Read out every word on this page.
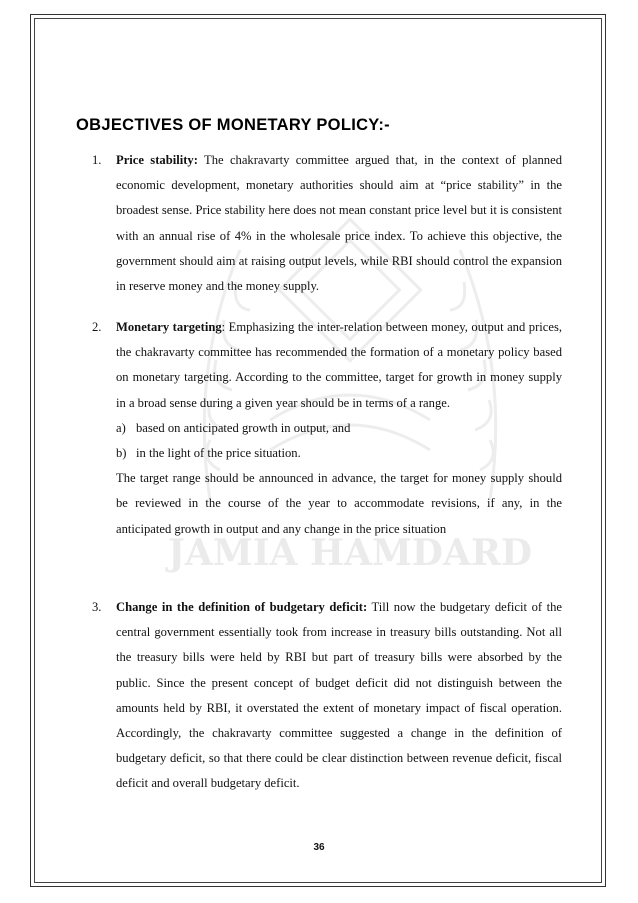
JAMIA HAMDARD
OBJECTIVES OF MONETARY POLICY:-
1. Price stability: The chakravarty committee argued that, in the context of planned economic development, monetary authorities should aim at “price stability” in the broadest sense. Price stability here does not mean constant price level but it is consistent with an annual rise of 4% in the wholesale price index. To achieve this objective, the government should aim at raising output levels, while RBI should control the expansion in reserve money and the money supply.
2. Monetary targeting: Emphasizing the inter-relation between money, output and prices, the chakravarty committee has recommended the formation of a monetary policy based on monetary targeting. According to the committee, target for growth in money supply in a broad sense during a given year should be in terms of a range.
a) based on anticipated growth in output, and
b) in the light of the price situation.
The target range should be announced in advance, the target for money supply should be reviewed in the course of the year to accommodate revisions, if any, in the anticipated growth in output and any change in the price situation
3. Change in the definition of budgetary deficit: Till now the budgetary deficit of the central government essentially took from increase in treasury bills outstanding. Not all the treasury bills were held by RBI but part of treasury bills were absorbed by the public. Since the present concept of budget deficit did not distinguish between the amounts held by RBI, it overstated the extent of monetary impact of fiscal operation. Accordingly, the chakravarty committee suggested a change in the definition of budgetary deficit, so that there could be clear distinction between revenue deficit, fiscal deficit and overall budgetary deficit.
36
